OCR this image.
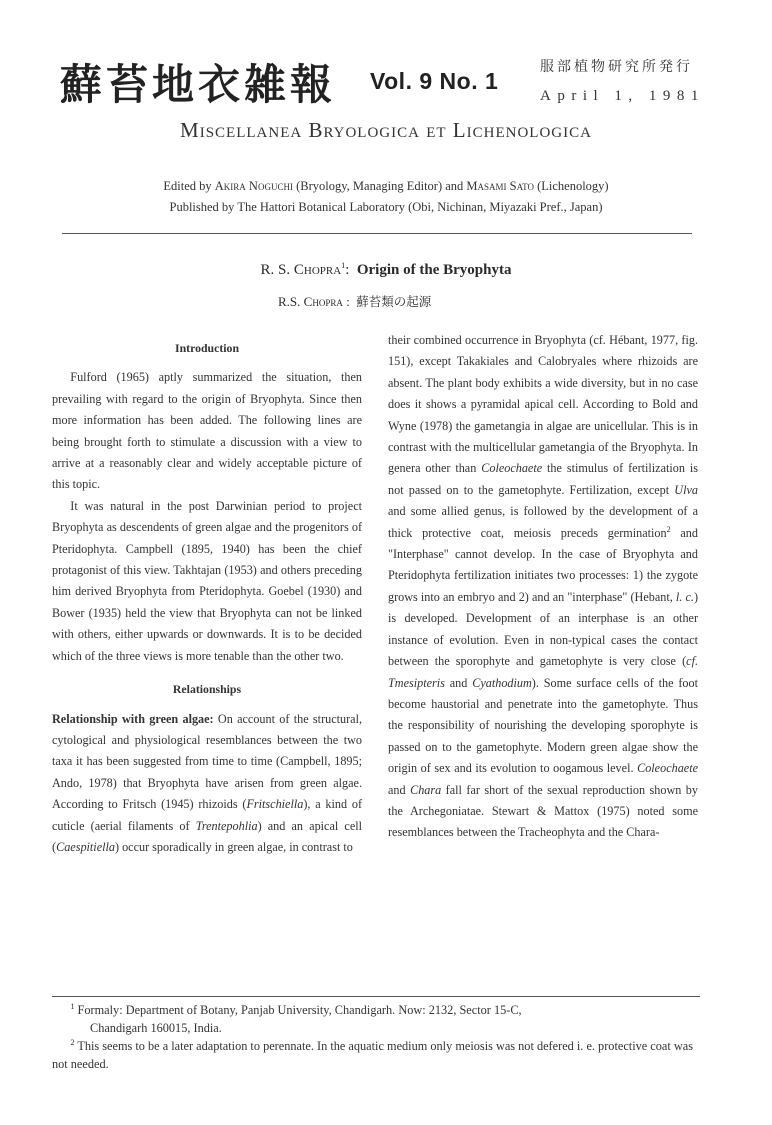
蘚苔地衣雑報 Vol. 9 No. 1
服部植物研究所発行
April 1, 1981
Miscellanea Bryologica et Lichenologica
Edited by Akira Noguchi (Bryology, Managing Editor) and Masami Sato (Lichenology)
Published by The Hattori Botanical Laboratory (Obi, Nichinan, Miyazaki Pref., Japan)
R. S. Chopra$^1$: Origin of the Bryophyta
R.S. Chopra : 蘚苔類の起源
Introduction

Fulford (1965) aptly summarized the situation, then prevailing with regard to the origin of Bryophyta. Since then more information has been added. The following lines are being brought forth to stimulate a discussion with a view to arrive at a reasonably clear and widely acceptable picture of this topic.

It was natural in the post Darwinian period to project Bryophyta as descendents of green algae and the progenitors of Pteridophyta. Campbell (1895, 1940) has been the chief protagonist of this view. Takhtajan (1953) and others preceding him derived Bryophyta from Pteridophyta. Goebel (1930) and Bower (1935) held the view that Bryophyta can not be linked with others, either upwards or downwards. It is to be decided which of the three views is more tenable than the other two.

Relationships

Relationship with green algae: On account of the structural, cytological and physiological resemblances between the two taxa it has been suggested from time to time (Campbell, 1895; Ando, 1978) that Bryophyta have arisen from green algae. According to Fritsch (1945) rhizoids (Fritschiella), a kind of cuticle (aerial filaments of Trentepohlia) and an apical cell (Caespitiella) occur sporadically in green algae, in contrast to

their combined occurrence in Bryophyta (cf. Hébant, 1977, fig. 151), except Takakiales and Calobryales where rhizoids are absent. The plant body exhibits a wide diversity, but in no case does it shows a pyramidal apical cell. According to Bold and Wyne (1978) the gametangia in algae are unicellular. This is in contrast with the multicellular gametangia of the Bryophyta. In genera other than Coleochaete the stimulus of fertilization is not passed on to the gametophyte. Fertilization, except Ulva and some allied genus, is followed by the development of a thick protective coat, meiosis preceds germination$^2$ and "Interphase" cannot develop. In the case of Bryophyta and Pteridophyta fertilization initiates two processes: 1) the zygote grows into an embryo and 2) and an "interphase" (Hebant, l. c.) is developed. Development of an interphase is an other instance of evolution. Even in non-typical cases the contact between the sporophyte and gametophyte is very close (cf. Tmesipteris and Cyathodium). Some surface cells of the foot become haustorial and penetrate into the gametophyte. Thus the responsibility of nourishing the developing sporophyte is passed on to the gametophyte. Modern green algae show the origin of sex and its evolution to oogamous level. Coleochaete and Chara fall far short of the sexual reproduction shown by the Archegoniatae. Stewart & Mattox (1975) noted some resemblances between the Tracheophyta and the Chara-

$^1$ Formaly: Department of Botany, Panjab University, Chandigarh. Now: 2132, Sector 15-C,

Chandigarh 160015, India.

$^2$ This seems to be a later adaptation to perennate. In the aquatic medium only meiosis was not defered i. e. protective coat was not needed.
